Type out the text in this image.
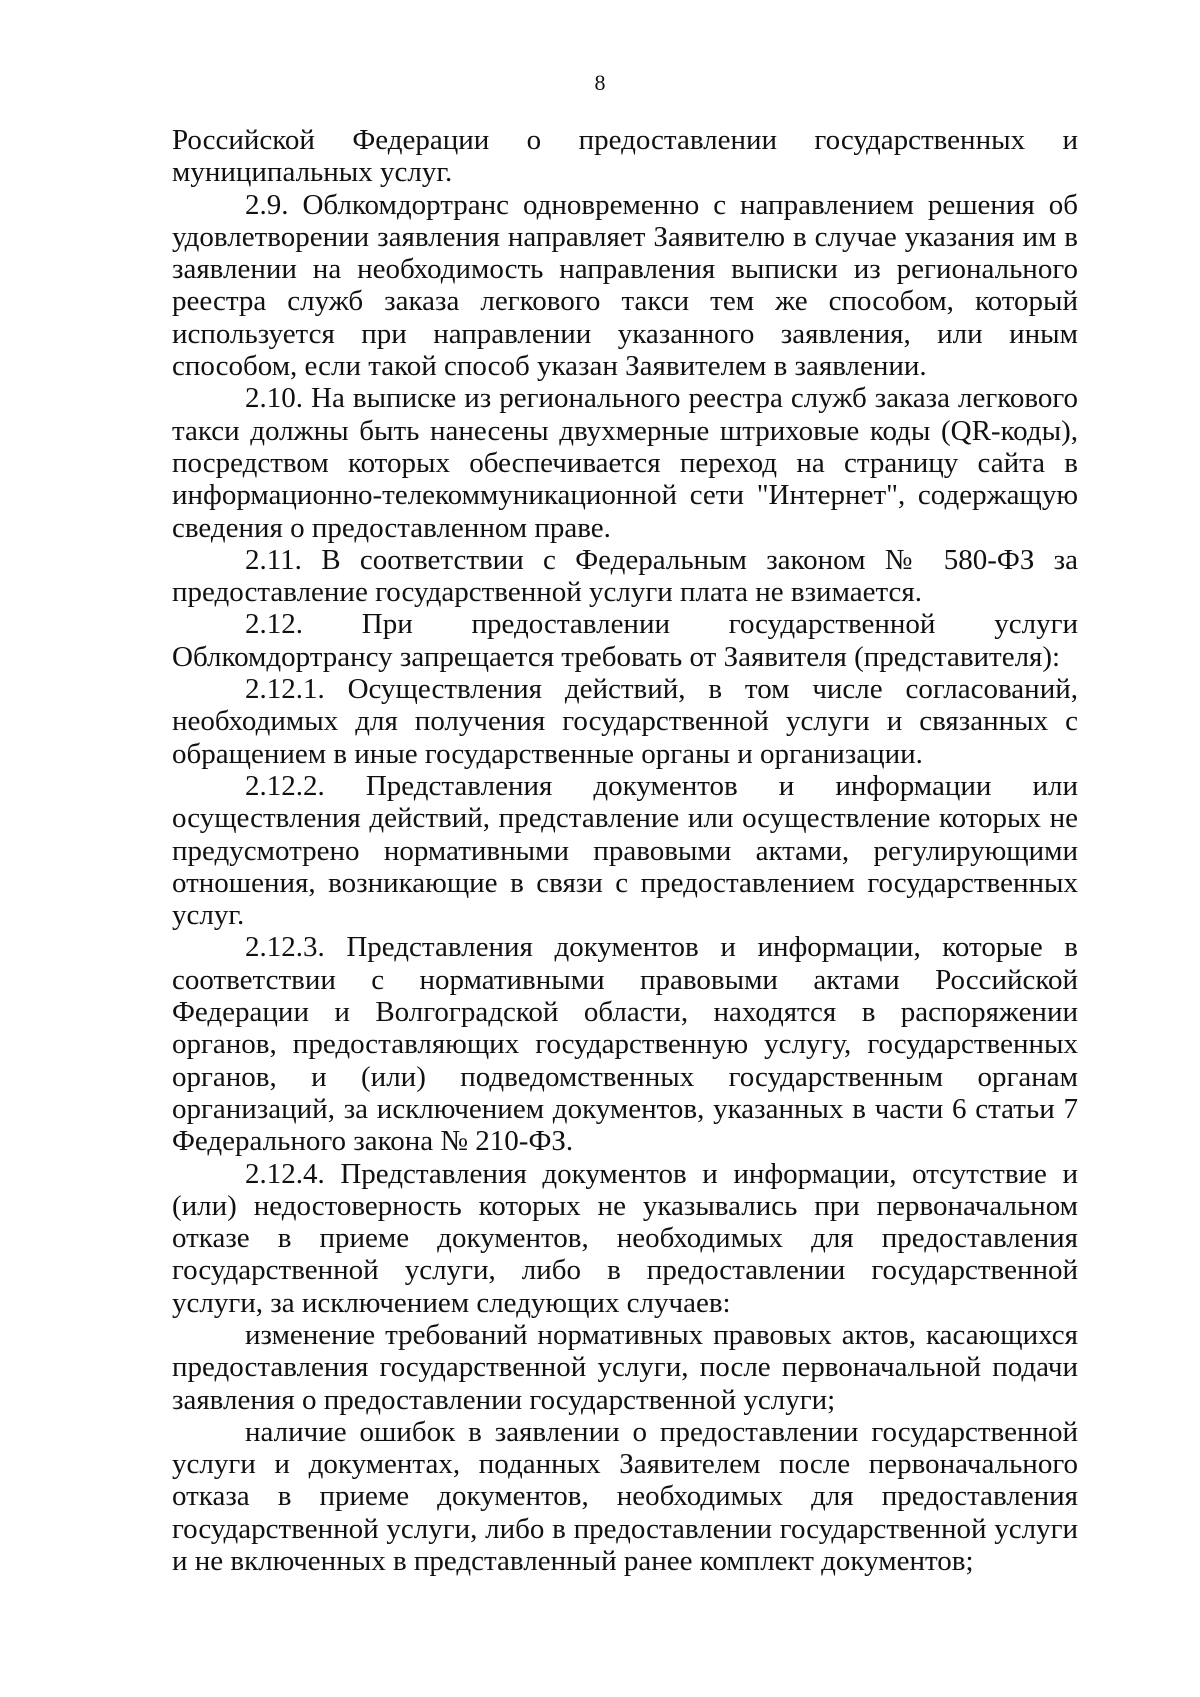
8

Российской Федерации о предоставлении государственных и муниципальных услуг.

2.9. Облкомдортранс одновременно с направлением решения об удовлетворении заявления направляет Заявителю в случае указания им в заявлении на необходимость направления выписки из регионального реестра служб заказа легкового такси тем же способом, который используется при направлении указанного заявления, или иным способом, если такой способ указан Заявителем в заявлении.

2.10. На выписке из регионального реестра служб заказа легкового такси должны быть нанесены двухмерные штриховые коды (QR-коды), посредством которых обеспечивается переход на страницу сайта в информационно-телекоммуникационной сети "Интернет", содержащую сведения о предоставленном праве.

2.11. В соответствии с Федеральным законом № 580-ФЗ за предоставление государственной услуги плата не взимается.

2.12. При предоставлении государственной услуги Облкомдортрансу запрещается требовать от Заявителя (представителя):

2.12.1. Осуществления действий, в том числе согласований, необходимых для получения государственной услуги и связанных с обращением в иные государственные органы и организации.

2.12.2. Представления документов и информации или осуществления действий, представление или осуществление которых не предусмотрено нормативными правовыми актами, регулирующими отношения, возникающие в связи с предоставлением государственных услуг.

2.12.3. Представления документов и информации, которые в соответствии с нормативными правовыми актами Российской Федерации и Волгоградской области, находятся в распоряжении органов, предоставляющих государственную услугу, государственных органов, и (или) подведомственных государственным органам организаций, за исключением документов, указанных в части 6 статьи 7 Федерального закона № 210-ФЗ.

2.12.4. Представления документов и информации, отсутствие и (или) недостоверность которых не указывались при первоначальном отказе в приеме документов, необходимых для предоставления государственной услуги, либо в предоставлении государственной услуги, за исключением следующих случаев:

изменение требований нормативных правовых актов, касающихся предоставления государственной услуги, после первоначальной подачи заявления о предоставлении государственной услуги;

наличие ошибок в заявлении о предоставлении государственной услуги и документах, поданных Заявителем после первоначального отказа в приеме документов, необходимых для предоставления государственной услуги, либо в предоставлении государственной услуги и не включенных в представленный ранее комплект документов;
